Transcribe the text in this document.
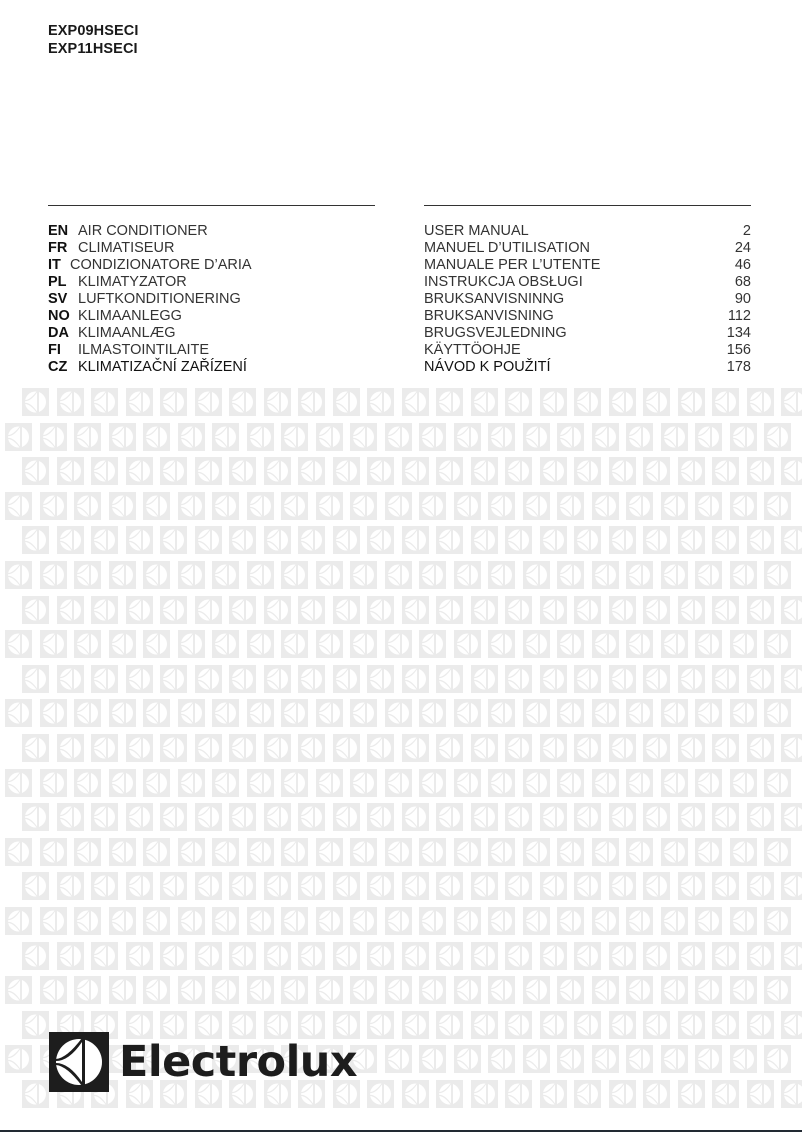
EXP09HSECI
EXP11HSECI
EN AIR CONDITIONER
FR CLIMATISEUR
IT CONDIZIONATORE D’ARIA
PL KLIMATYZATOR
SV LUFTKONDITIONERING
NO KLIMAANLEGG
DA KLIMAANLÆG
FI ILMASTOINTILAITE
CZ KLIMATIZAČNÍ ZAŘÍZENÍ
USER MANUAL	2
MANUEL D’UTILISATION	24
MANUALE PER L’UTENTE	46
INSTRUKCJA OBSŁUGI	68
BRUKSANVISNINNG	90
BRUKSANVISNING	112
BRUGSVEJLEDNING	134
KÄYTTÖOHJE	156
NÁVOD K POUŽITÍ	178
Electrolux
